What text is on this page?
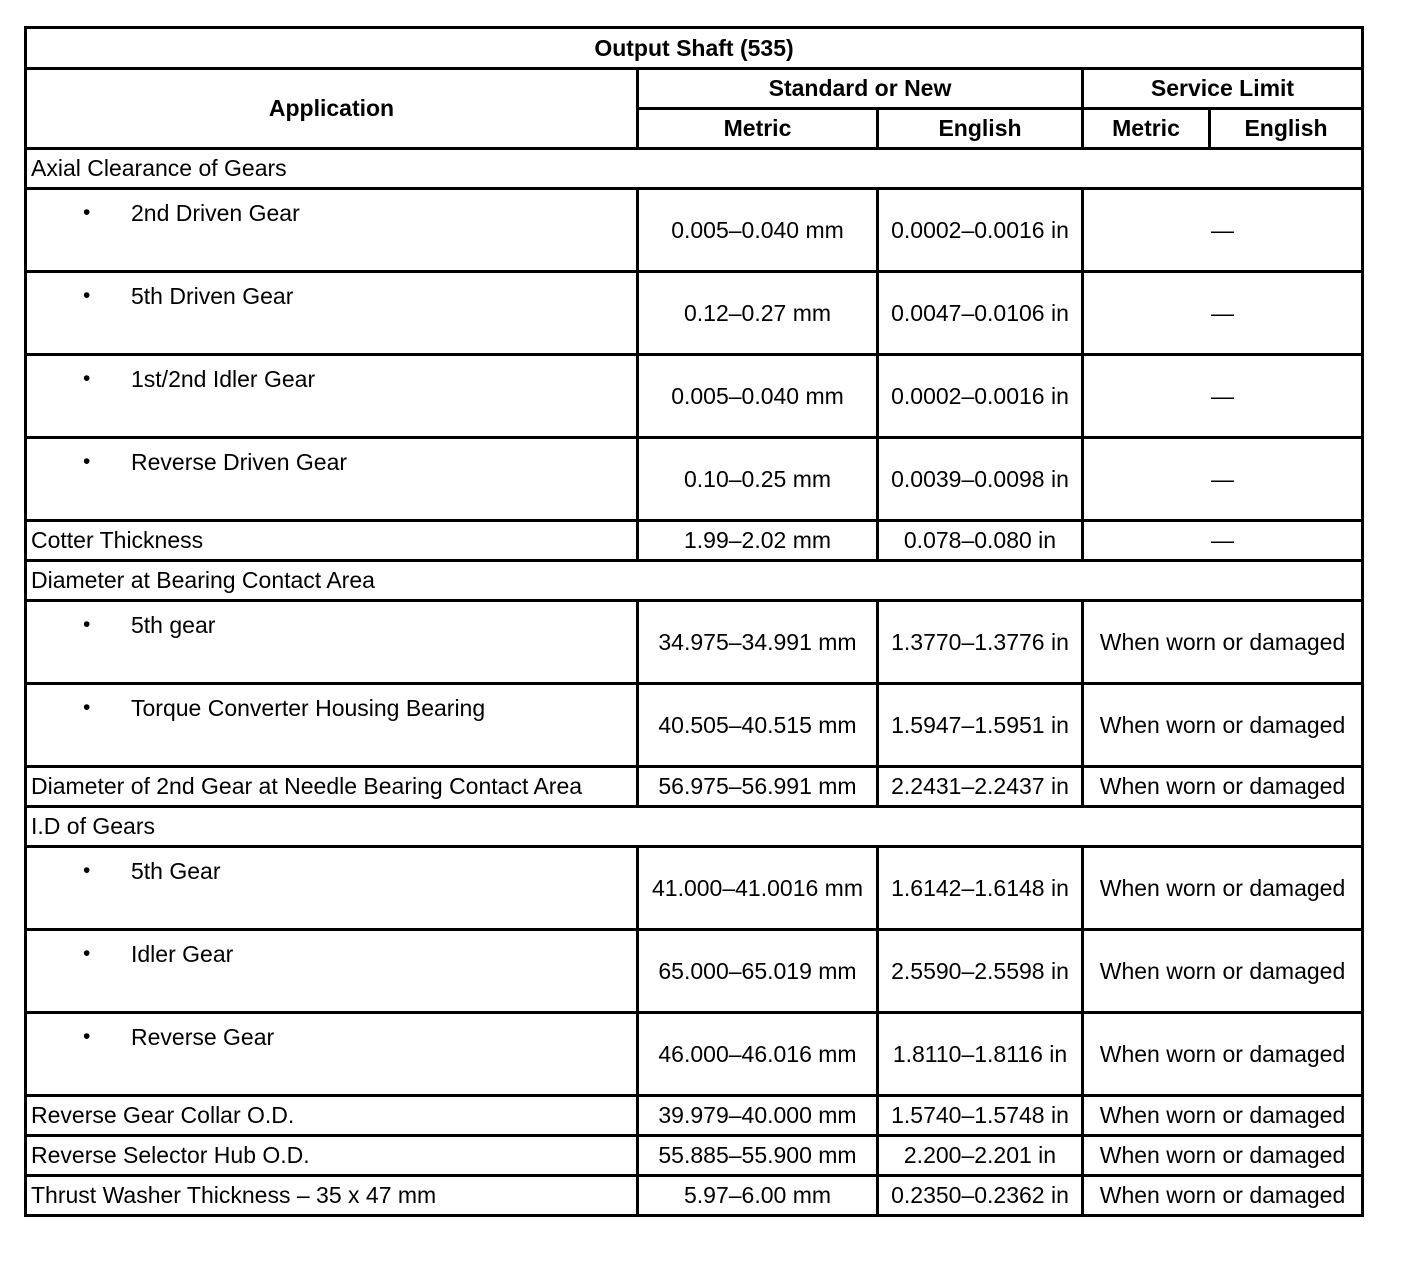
Output Shaft (535)				
Application	Standard or New		Service Limit	
	Metric	English	Metric	English
Axial Clearance of Gears				

• 2nd Driven Gear	0.005–0.040 mm	0.0002–0.0016 in	—	

• 5th Driven Gear	0.12–0.27 mm	0.0047–0.0106 in	—	

• 1st/2nd Idler Gear	0.005–0.040 mm	0.0002–0.0016 in	—	

• Reverse Driven Gear	0.10–0.25 mm	0.0039–0.0098 in	—	
Cotter Thickness	1.99–2.02 mm	0.078–0.080 in	—	
Diameter at Bearing Contact Area				

• 5th gear	34.975–34.991 mm	1.3770–1.3776 in	When worn or damaged	

• Torque Converter Housing Bearing	40.505–40.515 mm	1.5947–1.5951 in	When worn or damaged	
Diameter of 2nd Gear at Needle Bearing Contact Area	56.975–56.991 mm	2.2431–2.2437 in	When worn or damaged	
I.D of Gears				

• 5th Gear	41.000–41.0016 mm	1.6142–1.6148 in	When worn or damaged	

• Idler Gear	65.000–65.019 mm	2.5590–2.5598 in	When worn or damaged	

• Reverse Gear	46.000–46.016 mm	1.8110–1.8116 in	When worn or damaged	
Reverse Gear Collar O.D.	39.979–40.000 mm	1.5740–1.5748 in	When worn or damaged	
Reverse Selector Hub O.D.	55.885–55.900 mm	2.200–2.201 in	When worn or damaged	
Thrust Washer Thickness – 35 x 47 mm	5.97–6.00 mm	0.2350–0.2362 in	When worn or damaged	
